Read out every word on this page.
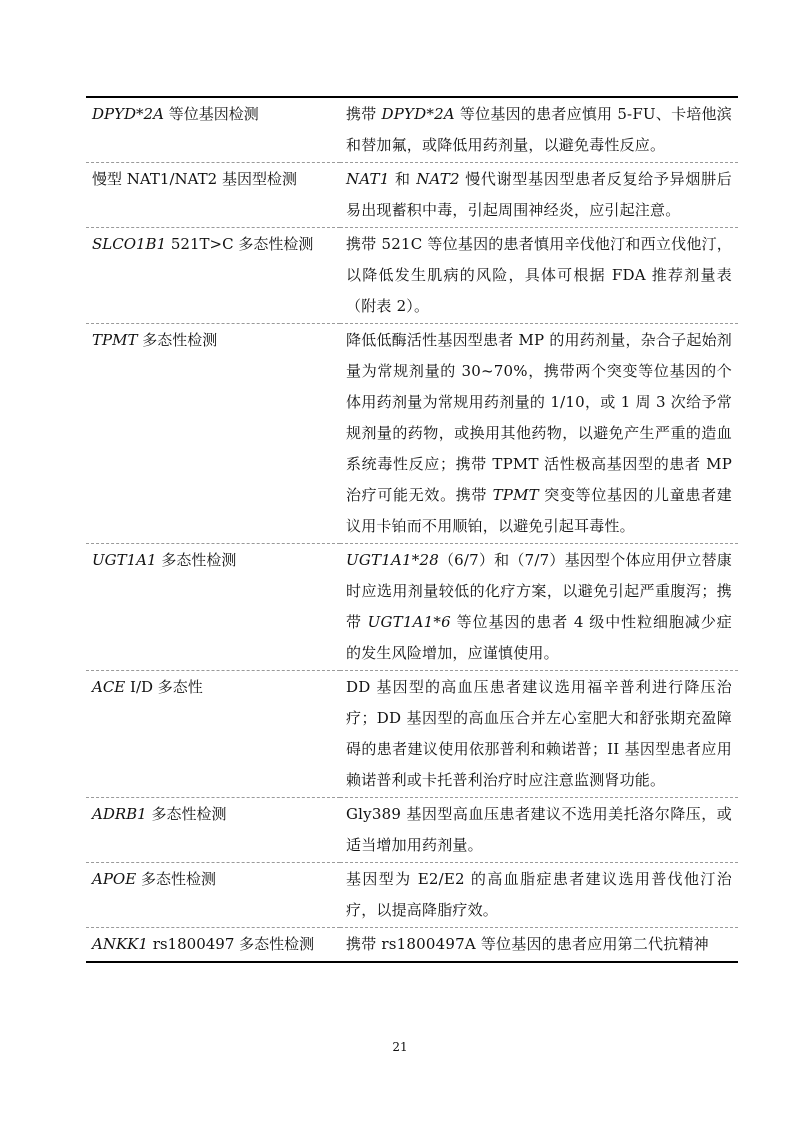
DPYD*2A 等位基因检测	携带 DPYD*2A 等位基因的患者应慎用 5-FU、卡培他滨和替加氟，或降低用药剂量，以避免毒性反应。
慢型 NAT1/NAT2 基因型检测	NAT1 和 NAT2 慢代谢型基因型患者反复给予异烟肼后易出现蓄积中毒，引起周围神经炎，应引起注意。
SLCO1B1 521T>C 多态性检测	携带 521C 等位基因的患者慎用辛伐他汀和西立伐他汀，以降低发生肌病的风险，具体可根据 FDA 推荐剂量表（附表 2）。
TPMT 多态性检测	降低低酶活性基因型患者 MP 的用药剂量，杂合子起始剂量为常规剂量的 30~70%，携带两个突变等位基因的个体用药剂量为常规用药剂量的 1/10，或 1 周 3 次给予常规剂量的药物，或换用其他药物，以避免产生严重的造血系统毒性反应；携带 TPMT 活性极高基因型的患者 MP 治疗可能无效。携带 TPMT 突变等位基因的儿童患者建议用卡铂而不用顺铂，以避免引起耳毒性。
UGT1A1 多态性检测	UGT1A1*28（6/7）和（7/7）基因型个体应用伊立替康时应选用剂量较低的化疗方案，以避免引起严重腹泻；携带 UGT1A1*6 等位基因的患者 4 级中性粒细胞减少症的发生风险增加，应谨慎使用。
ACE I/D 多态性	DD 基因型的高血压患者建议选用福辛普利进行降压治疗；DD 基因型的高血压合并左心室肥大和舒张期充盈障碍的患者建议使用依那普利和赖诺普；II 基因型患者应用赖诺普利或卡托普利治疗时应注意监测肾功能。
ADRB1 多态性检测	Gly389 基因型高血压患者建议不选用美托洛尔降压，或适当增加用药剂量。
APOE 多态性检测	基因型为 E2/E2 的高血脂症患者建议选用普伐他汀治疗，以提高降脂疗效。
ANKK1 rs1800497 多态性检测	携带 rs1800497A 等位基因的患者应用第二代抗精神
21
